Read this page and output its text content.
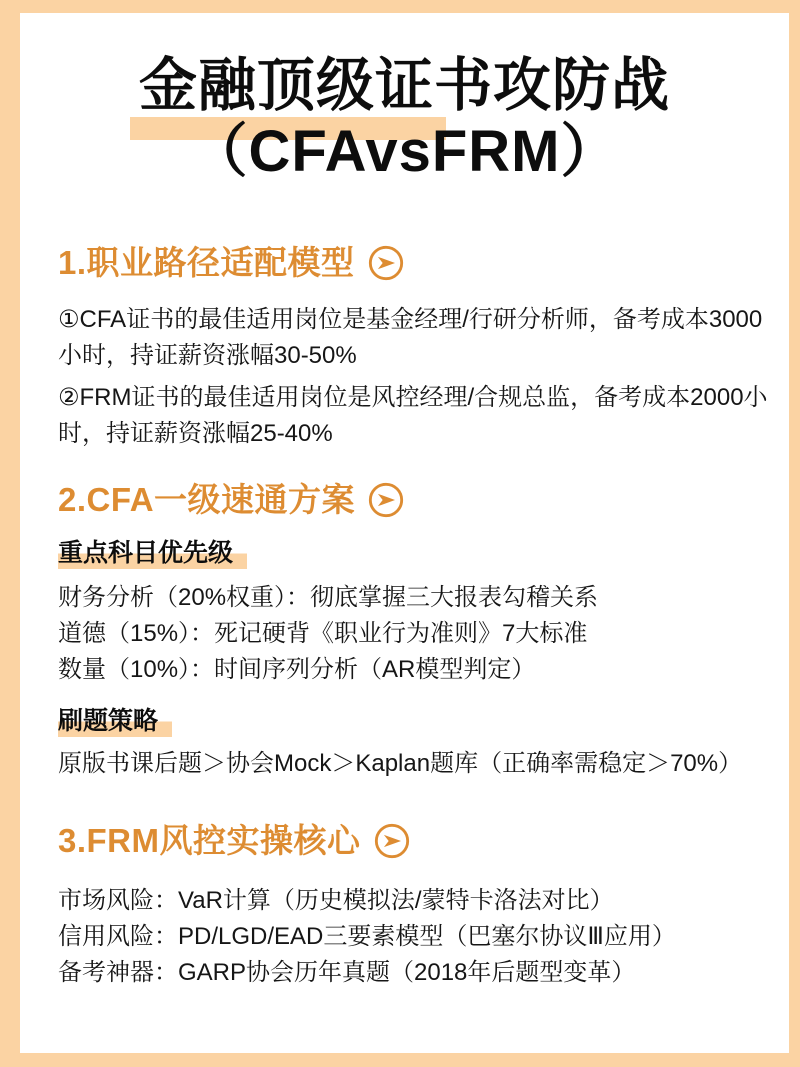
金融顶级证书攻防战
（CFAvsFRM）
1.职业路径适配模型

①CFA证书的最佳适用岗位是基金经理/行研分析师，备考成本3000
小时，持证薪资涨幅30-50%

②FRM证书的最佳适用岗位是风控经理/合规总监，备考成本2000小
时，持证薪资涨幅25-40%

2.CFA一级速通方案
重点科目优先级
财务分析（20%权重）：彻底掌握三大报表勾稽关系
道德（15%）：死记硬背《职业行为准则》7大标准
数量（10%）：时间序列分析（AR模型判定）
刷题策略
原版书课后题＞协会Mock＞Kaplan题库（正确率需稳定＞70%）
3.FRM风控实操核心
市场风险：VaR计算（历史模拟法/蒙特卡洛法对比）
信用风险：PD/LGD/EAD三要素模型（巴塞尔协议Ⅲ应用）
备考神器：GARP协会历年真题（2018年后题型变革）
